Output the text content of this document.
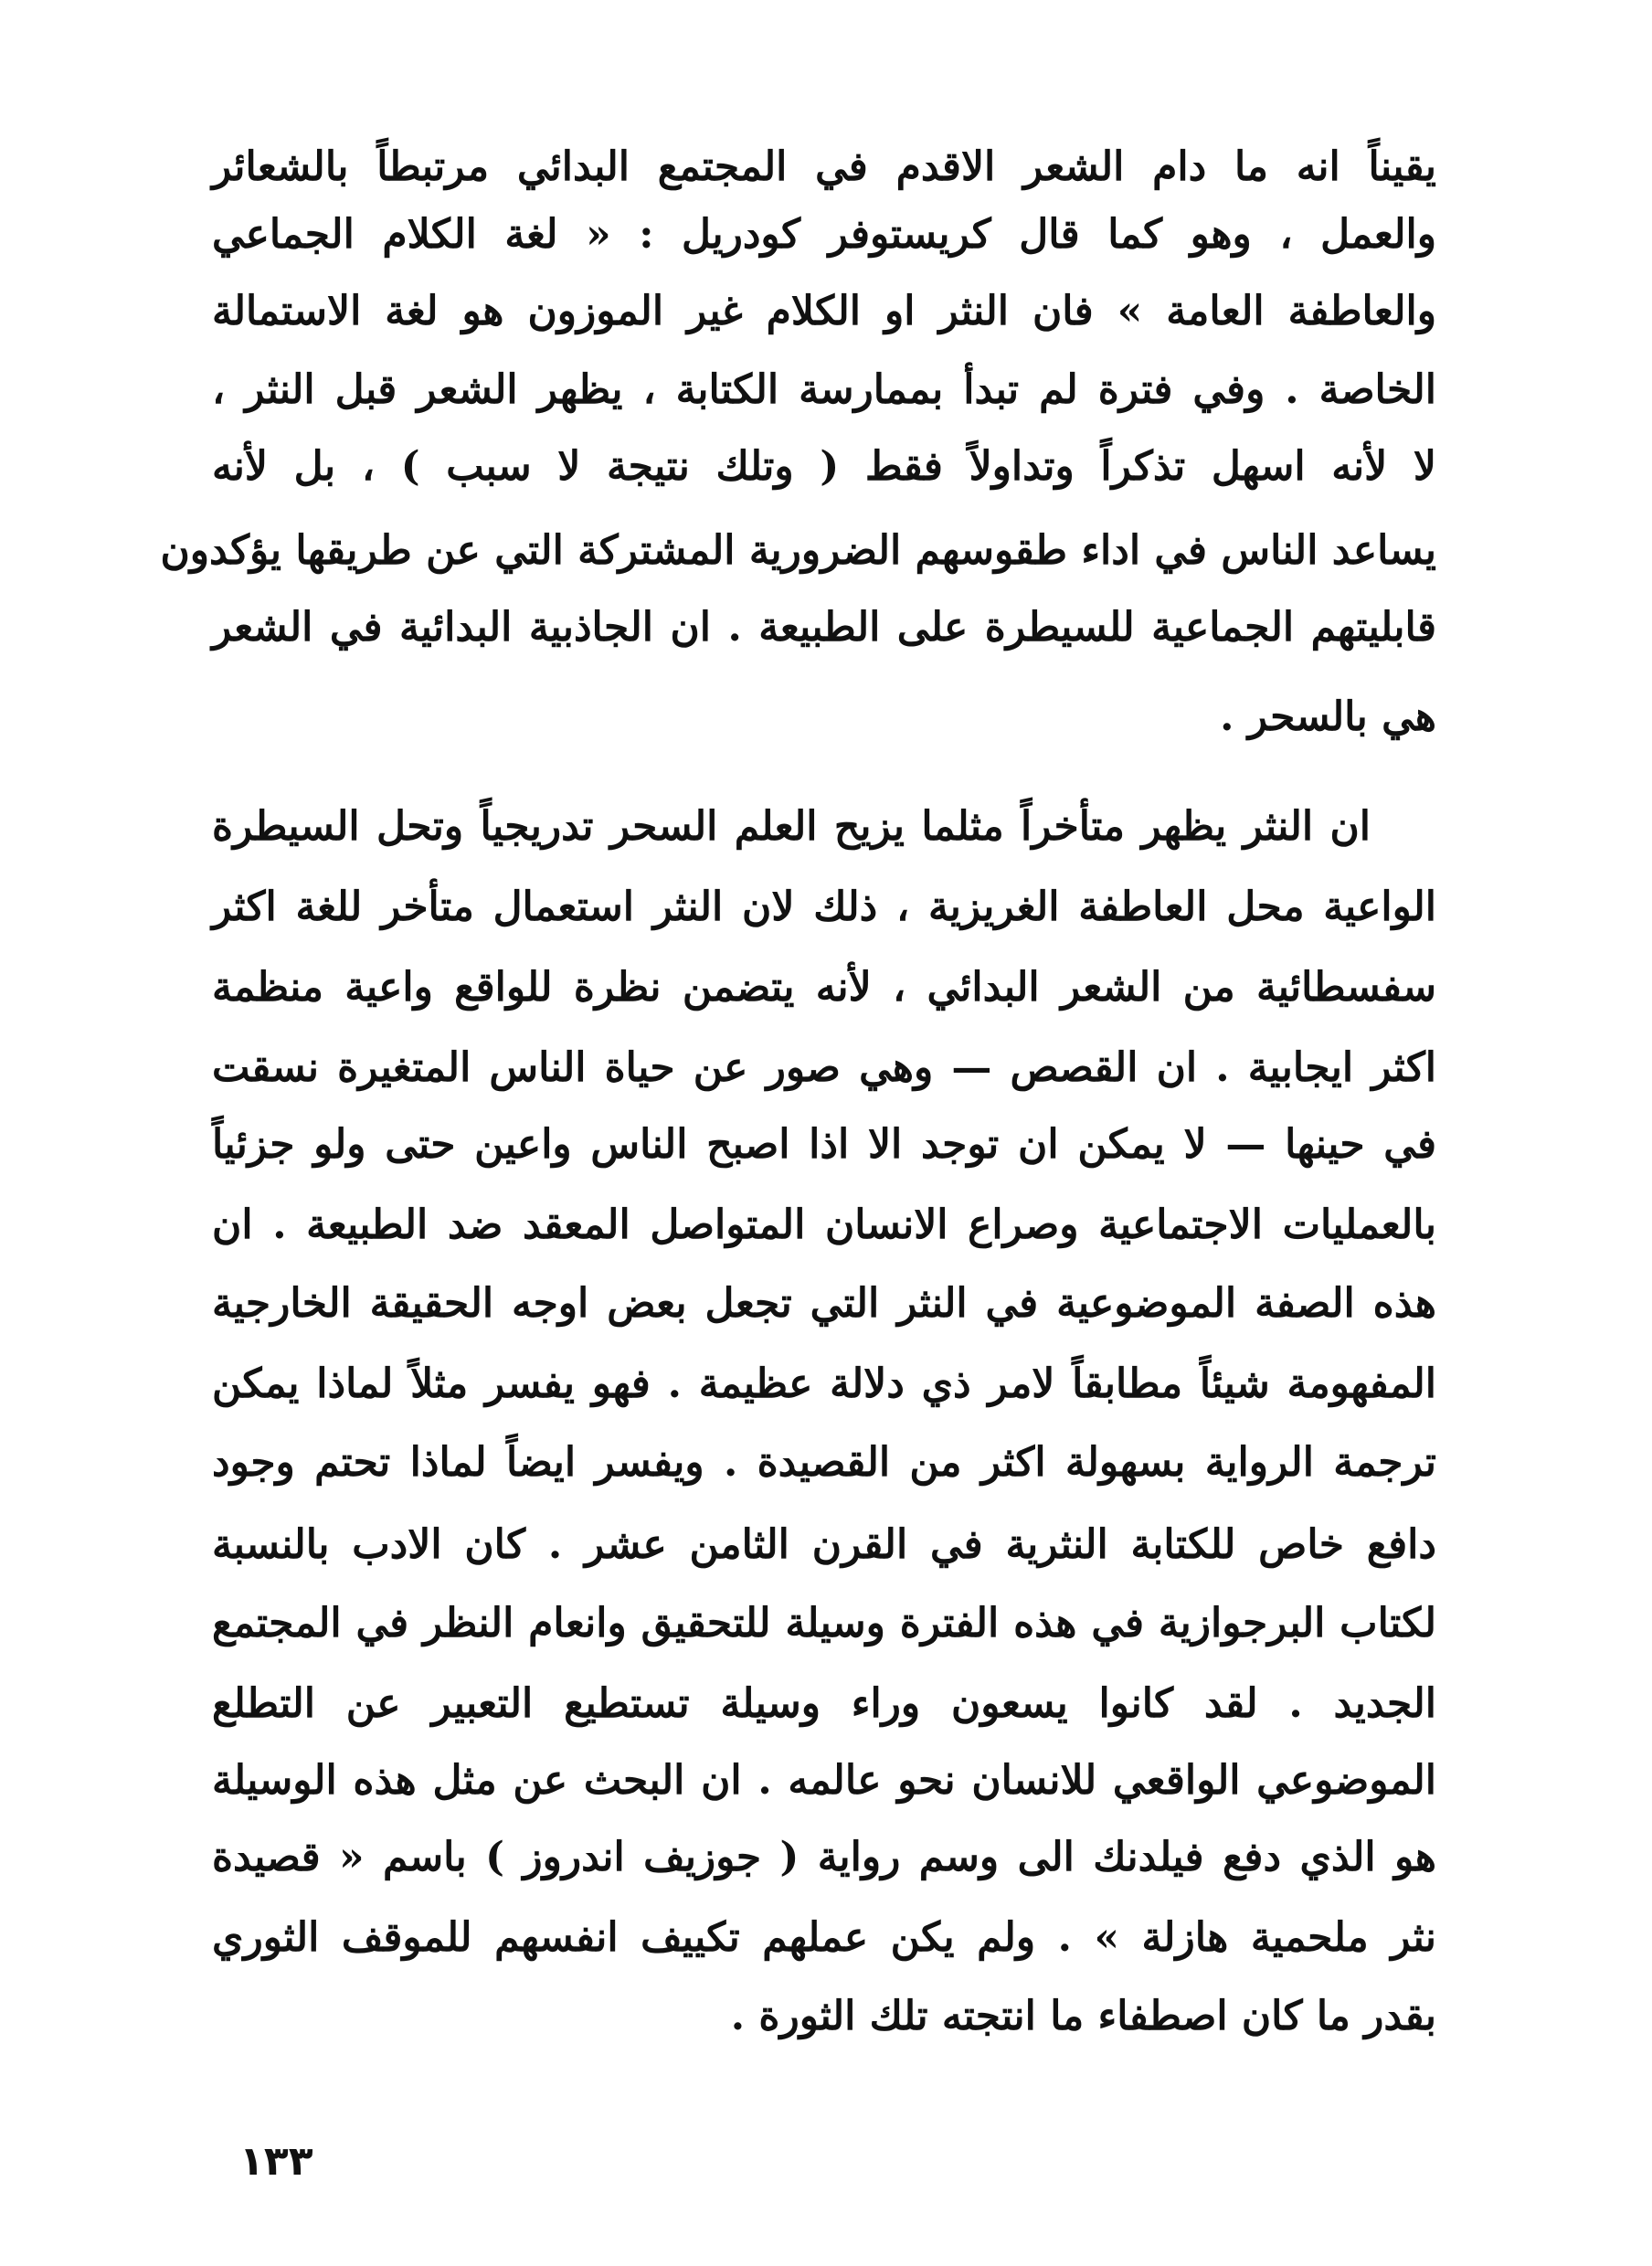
يقيناً انه ما دام الشعر الاقدم في المجتمع البدائي مرتبطاً بالشعائر
والعمل ، وهو كما قال كريستوفر كودريل : « لغة الكلام الجماعي
والعاطفة العامة » فان النثر او الكلام غير الموزون هو لغة الاستمالة
الخاصة . وفي فترة لم تبدأ بممارسة الكتابة ، يظهر الشعر قبل النثر ،
لا لأنه اسهل تذكراً وتداولاً فقط ( وتلك نتيجة لا سبب ) ، بل لأنه
يساعد الناس في اداء طقوسهم الضرورية المشتركة التي عن طريقها يؤكدون
قابليتهم الجماعية للسيطرة على الطبيعة . ان الجاذبية البدائية في الشعر
هي بالسحر .
ان النثر يظهر متأخراً مثلما يزيح العلم السحر تدريجياً وتحل السيطرة
الواعية محل العاطفة الغريزية ، ذلك لان النثر استعمال متأخر للغة اكثر
سفسطائية من الشعر البدائي ، لأنه يتضمن نظرة للواقع واعية منظمة
اكثر ايجابية . ان القصص — وهي صور عن حياة الناس المتغيرة نسقت
في حينها — لا يمكن ان توجد الا اذا اصبح الناس واعين حتى ولو جزئياً
بالعمليات الاجتماعية وصراع الانسان المتواصل المعقد ضد الطبيعة . ان
هذه الصفة الموضوعية في النثر التي تجعل بعض اوجه الحقيقة الخارجية
المفهومة شيئاً مطابقاً لامر ذي دلالة عظيمة . فهو يفسر مثلاً لماذا يمكن
ترجمة الرواية بسهولة اكثر من القصيدة . ويفسر ايضاً لماذا تحتم وجود
دافع خاص للكتابة النثرية في القرن الثامن عشر . كان الادب بالنسبة
لكتاب البرجوازية في هذه الفترة وسيلة للتحقيق وانعام النظر في المجتمع
الجديد . لقد كانوا يسعون وراء وسيلة تستطيع التعبير عن التطلع
الموضوعي الواقعي للانسان نحو عالمه . ان البحث عن مثل هذه الوسيلة
هو الذي دفع فيلدنك الى وسم رواية ( جوزيف اندروز ) باسم « قصيدة
نثر ملحمية هازلة » . ولم يكن عملهم تكييف انفسهم للموقف الثوري
بقدر ما كان اصطفاء ما انتجته تلك الثورة .
١٣٣
